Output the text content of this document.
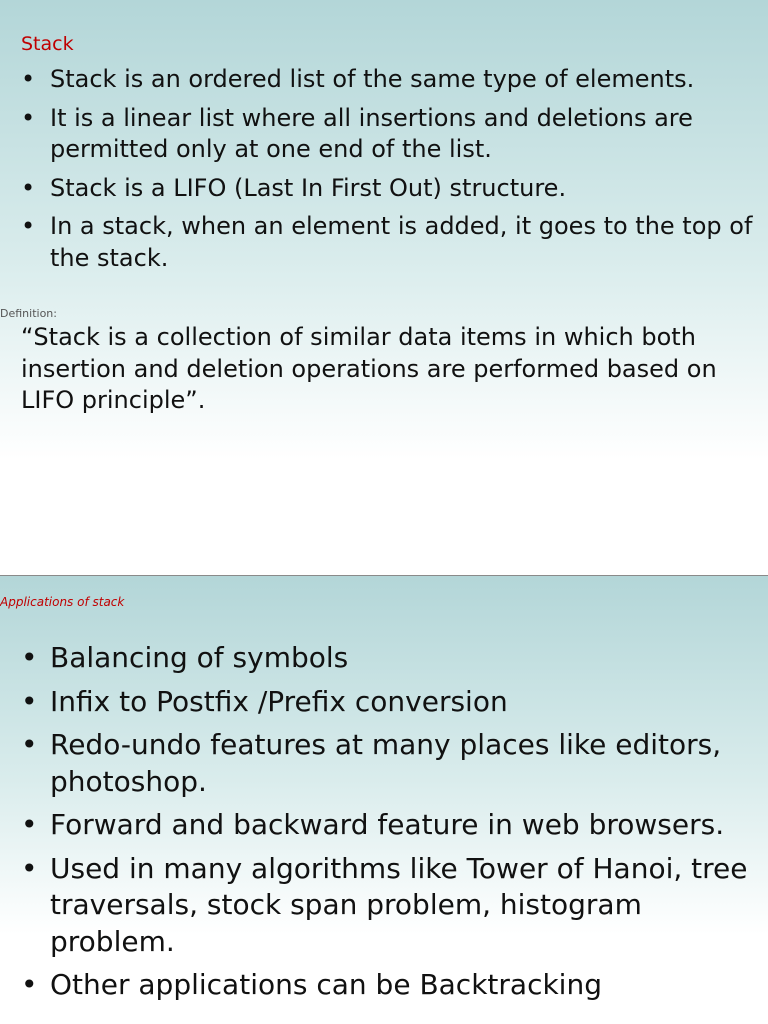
Stack
• Stack is an ordered list of the same type of elements.
• It is a linear list where all insertions and deletions are permitted only at one end of the list.
• Stack is a LIFO (Last In First Out) structure.
• In a stack, when an element is added, it goes to the top of the stack.
Definition:
“Stack is a collection of similar data items in which both insertion and deletion operations are performed based on LIFO principle”.
Applications of stack
• Balancing of symbols
• Infix to Postfix /Prefix conversion
• Redo-undo features at many places like editors, photoshop.
• Forward and backward feature in web browsers.
• Used in many algorithms like Tower of Hanoi, tree traversals, stock span problem, histogram problem.
• Other applications can be Backtracking
